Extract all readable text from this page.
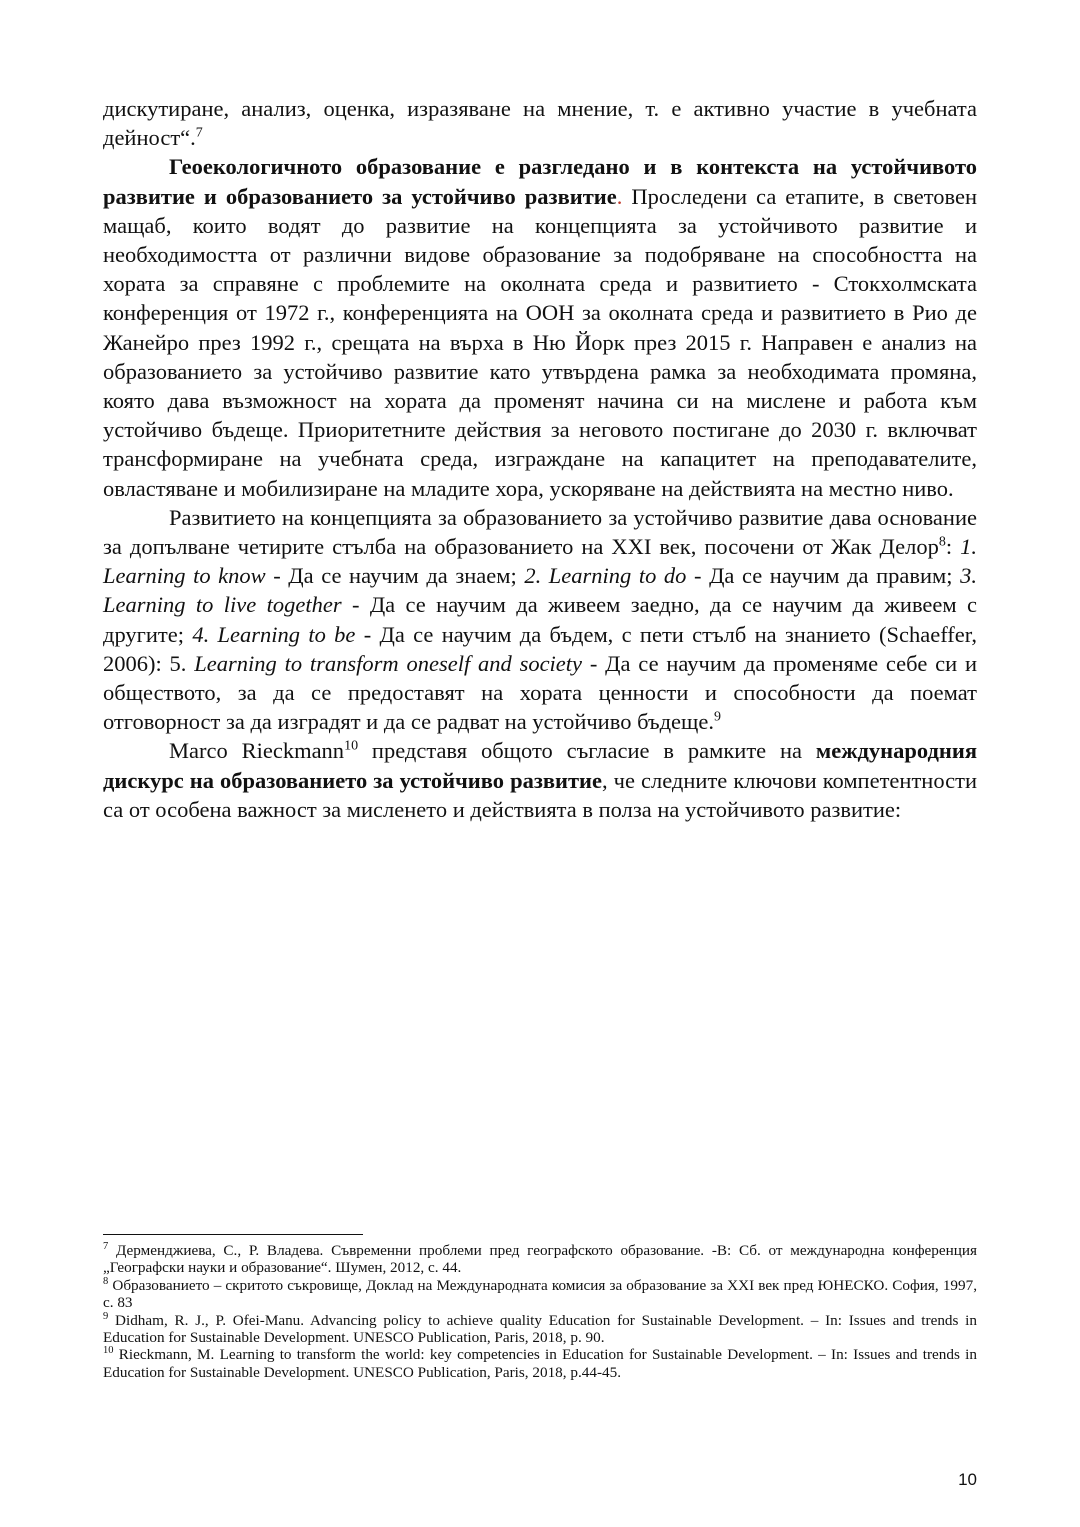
дискутиране, анализ, оценка, изразяване на мнение, т. е активно участие в учебната дейност“.$^7$

Геоекологичното образование е разгледано и в контекста на устойчивото развитие и образованието за устойчиво развитие. Проследени са етапите, в световен мащаб, които водят до развитие на концепцията за устойчивото развитие и необходимостта от различни видове образование за подобряване на способността на хората за справяне с проблемите на околната среда и развитието - Стокхолмската конференция от 1972 г., конференцията на ООН за околната среда и развитието в Рио де Жанейро през 1992 г., срещата на върха в Ню Йорк през 2015 г. Направен е анализ на образованието за устойчиво развитие като утвърдена рамка за необходимата промяна, която дава възможност на хората да променят начина си на мислене и работа към устойчиво бъдеще. Приоритетните действия за неговото постигане до 2030 г. включват трансформиране на учебната среда, изграждане на капацитет на преподавателите, овластяване и мобилизиране на младите хора, ускоряване на действията на местно ниво.

Развитието на концепцията за образованието за устойчиво развитие дава основание за допълване четирите стълба на образованието на XXI век, посочени от Жак Делор$^8$: 1. Learning to know - Да се научим да знаем; 2. Learning to do - Да се научим да правим; 3. Learning to live together - Да се научим да живеем заедно, да се научим да живеем с другите; 4. Learning to be - Да се научим да бъдем, с пети стълб на знанието (Schaeffer, 2006): 5. Learning to transform oneself and society - Да се научим да променяме себе си и обществото, за да се предоставят на хората ценности и способности да поемат отговорност за да изградят и да се радват на устойчиво бъдеще.$^9$

Marco Rieckmann$^{10}$ представя общото съгласие в рамките на международния дискурс на образованието за устойчиво развитие, че следните ключови компетентности са от особена важност за мисленето и действията в полза на устойчивото развитие:

$^7$ Дерменджиева, С., Р. Владева. Съвременни проблеми пред географското образование. -В: Сб. от международна конференция „Географски науки и образование“. Шумен, 2012, с. 44.

$^8$ Образованието – скритото съкровище, Доклад на Международната комисия за образование за XXI век пред ЮНЕСКО. София, 1997, с. 83

$^9$ Didham, R. J., P. Ofei-Manu. Advancing policy to achieve quality Education for Sustainable Development. – In: Issues and trends in Education for Sustainable Development. UNESCO Publication, Paris, 2018, p. 90.

$^{10}$ Rieckmann, M. Learning to transform the world: key competencies in Education for Sustainable Development. – In: Issues and trends in Education for Sustainable Development. UNESCO Publication, Paris, 2018, p.44-45.

10
